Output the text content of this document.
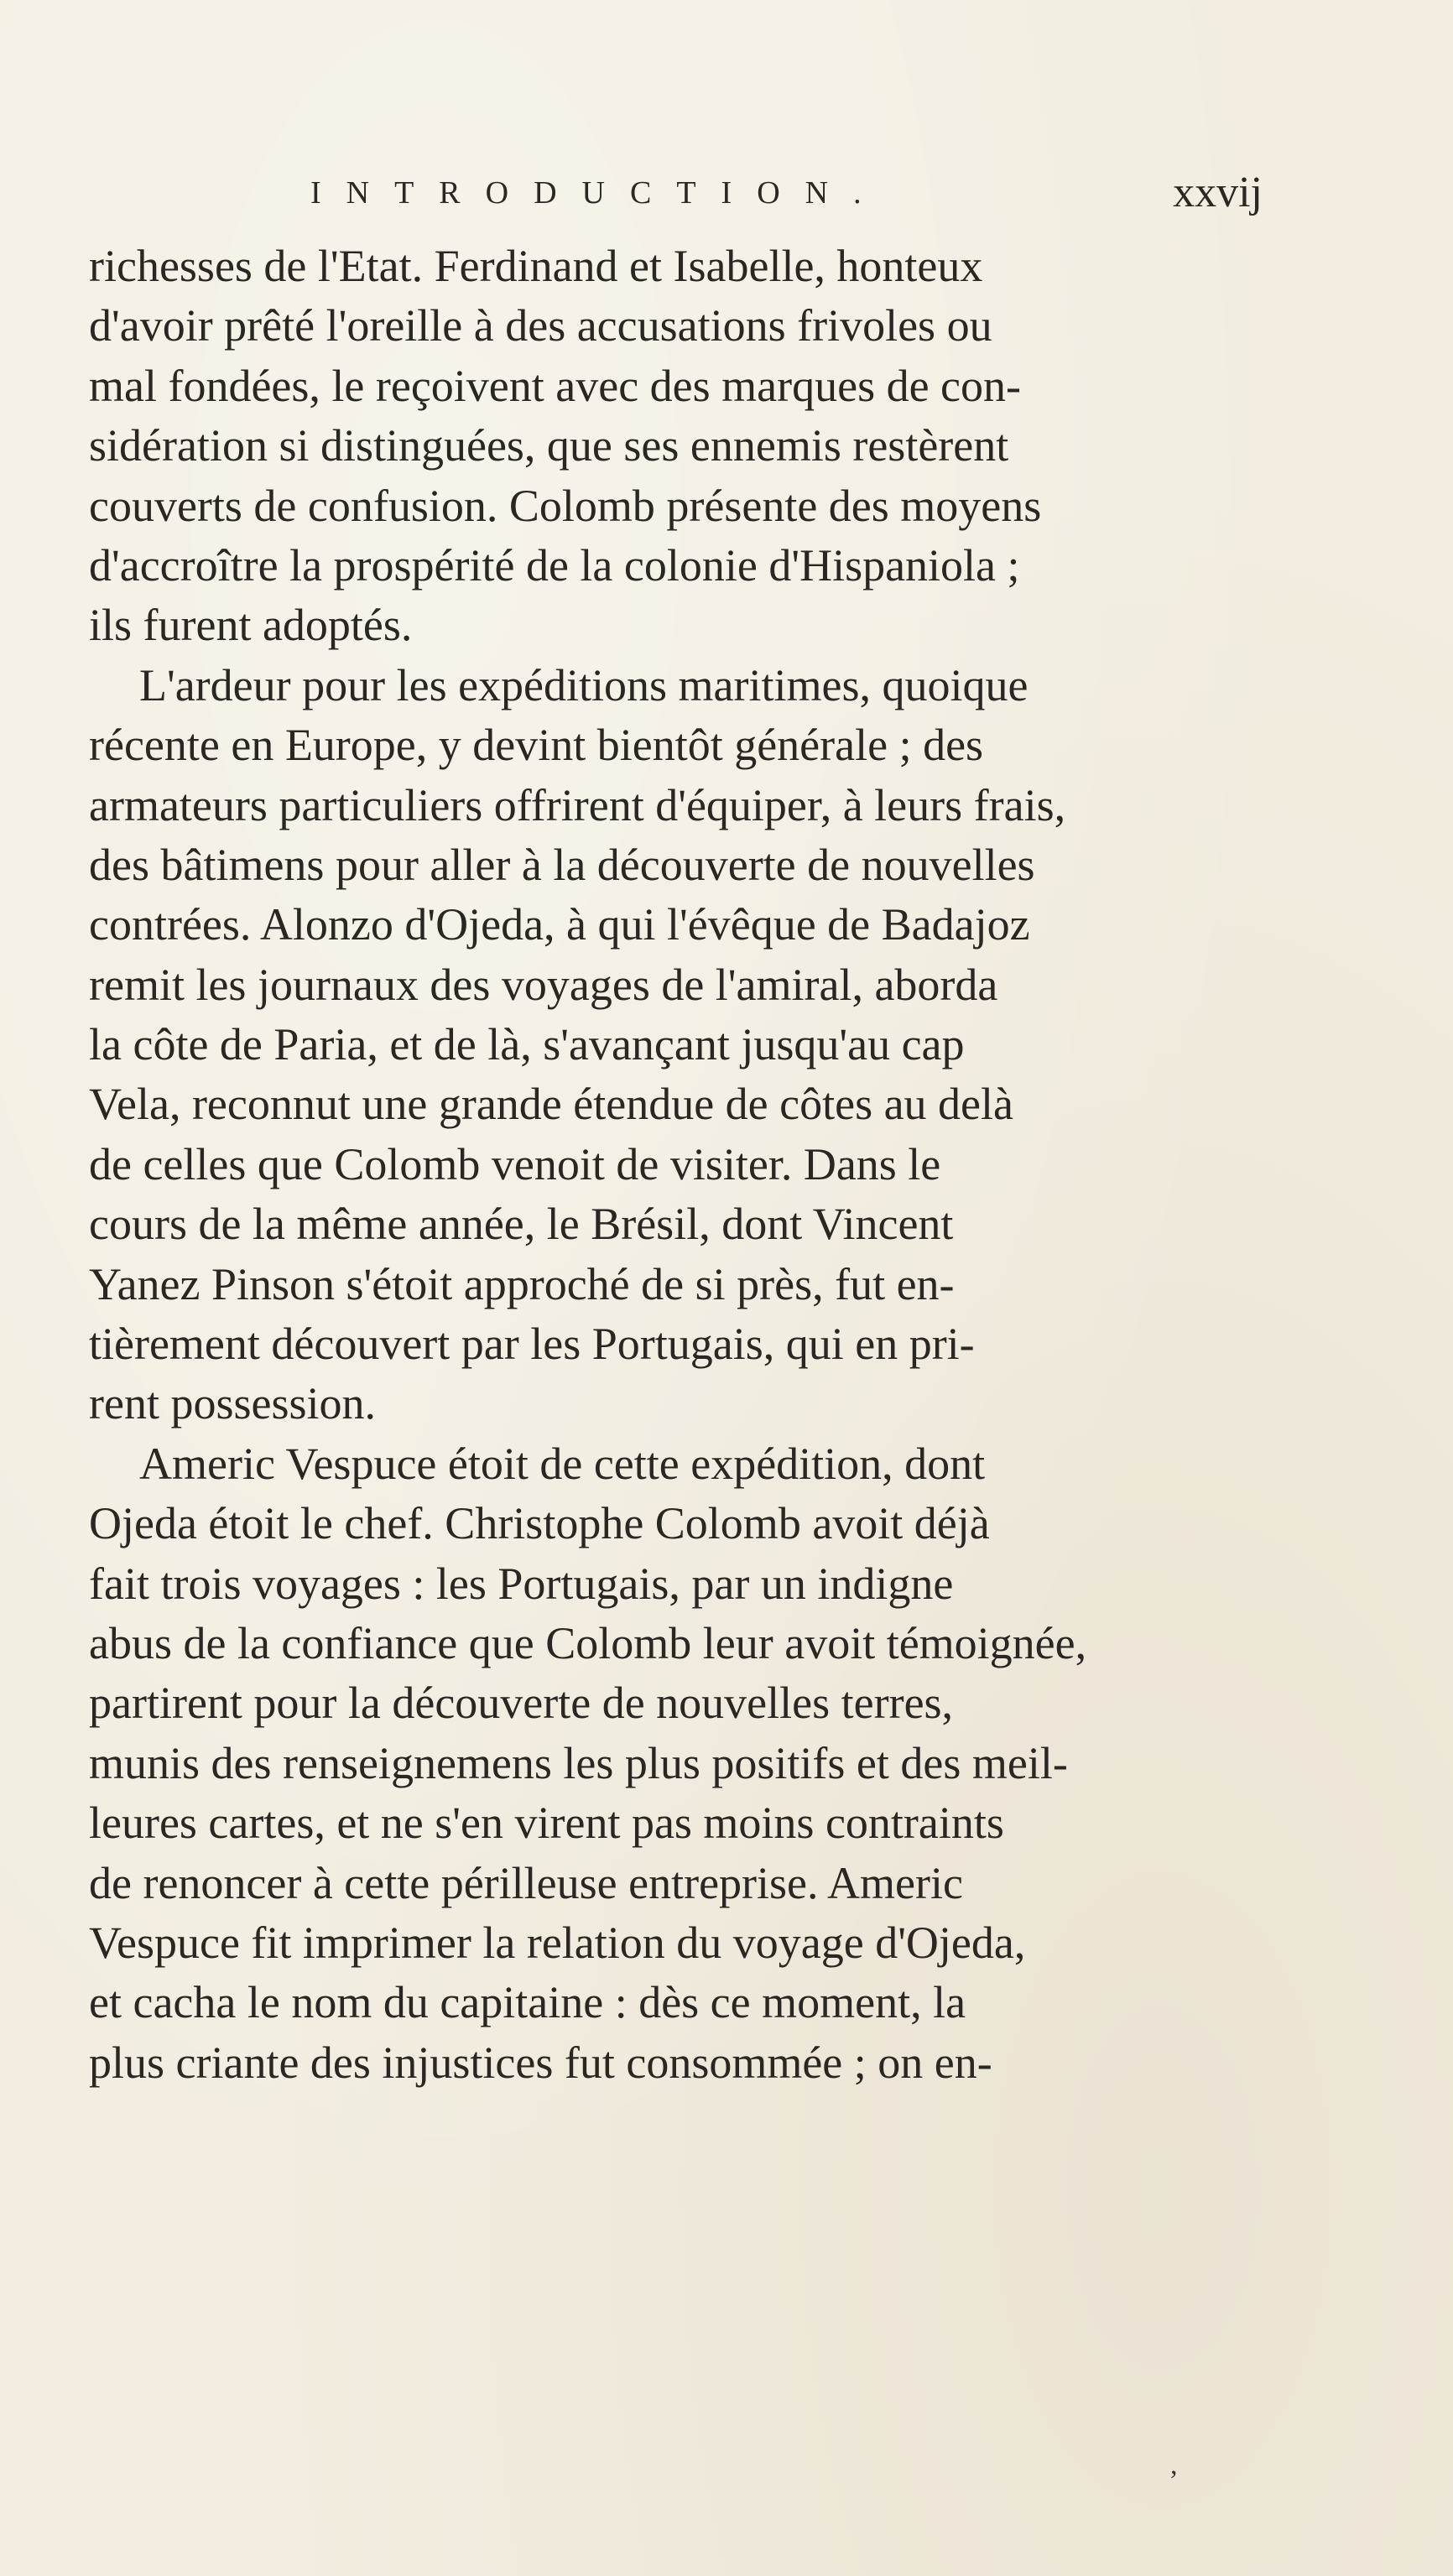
INTRODUCTION.	xxvij
richesses de l'Etat. Ferdinand et Isabelle, honteux
d'avoir prêté l'oreille à des accusations frivoles ou
mal fondées, le reçoivent avec des marques de con-
sidération si distinguées, que ses ennemis restèrent
couverts de confusion. Colomb présente des moyens
d'accroître la prospérité de la colonie d'Hispaniola ;
ils furent adoptés.
L'ardeur pour les expéditions maritimes, quoique
récente en Europe, y devint bientôt générale ; des
armateurs particuliers offrirent d'équiper, à leurs frais,
des bâtimens pour aller à la découverte de nouvelles
contrées. Alonzo d'Ojeda, à qui l'évêque de Badajoz
remit les journaux des voyages de l'amiral, aborda
la côte de Paria, et de là, s'avançant jusqu'au cap
Vela, reconnut une grande étendue de côtes au delà
de celles que Colomb venoit de visiter. Dans le
cours de la même année, le Brésil, dont Vincent
Yanez Pinson s'étoit approché de si près, fut en-
tièrement découvert par les Portugais, qui en pri-
rent possession.
Americ Vespuce étoit de cette expédition, dont
Ojeda étoit le chef. Christophe Colomb avoit déjà
fait trois voyages : les Portugais, par un indigne
abus de la confiance que Colomb leur avoit témoignée,
partirent pour la découverte de nouvelles terres,
munis des renseignemens les plus positifs et des meil-
leures cartes, et ne s'en virent pas moins contraints
de renoncer à cette périlleuse entreprise. Americ
Vespuce fit imprimer la relation du voyage d'Ojeda,
et cacha le nom du capitaine : dès ce moment, la
plus criante des injustices fut consommée ; on en-
,
